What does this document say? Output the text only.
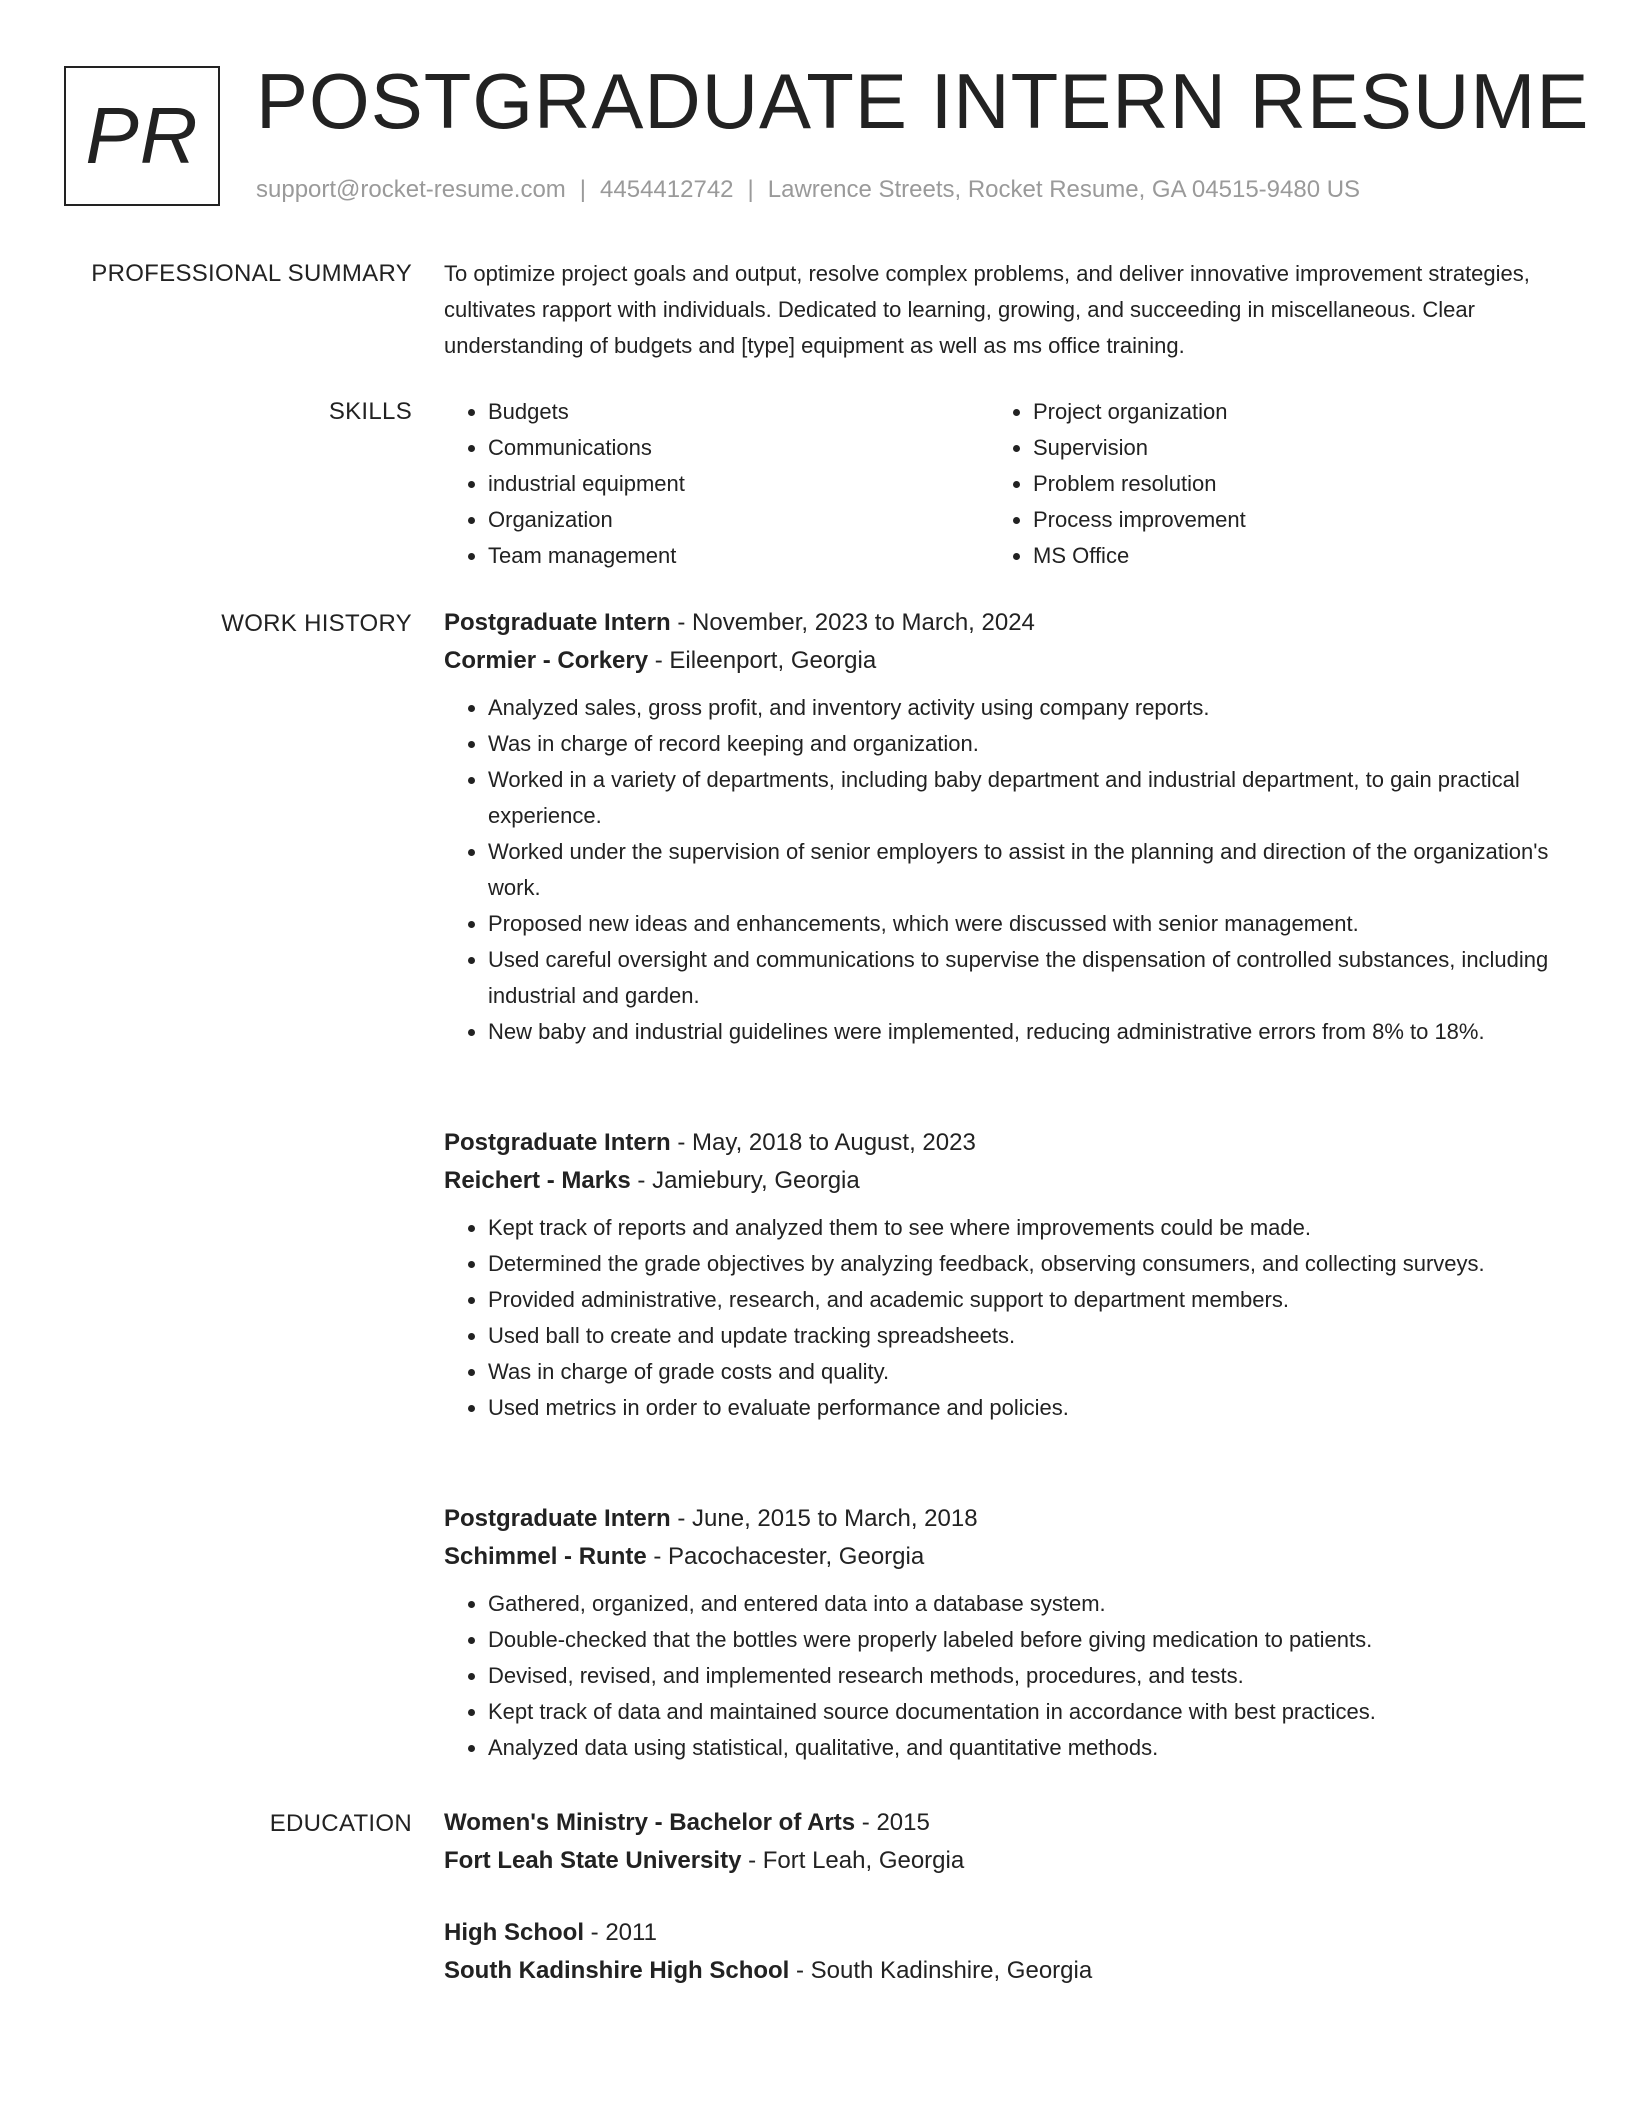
PR POSTGRADUATE INTERN RESUME
support@rocket-resume.com | 4454412742 | Lawrence Streets, Rocket Resume, GA 04515-9480 US
PROFESSIONAL SUMMARY To optimize project goals and output, resolve complex problems, and deliver innovative improvement strategies, cultivates rapport with individuals. Dedicated to learning, growing, and succeeding in miscellaneous. Clear understanding of budgets and [type] equipment as well as ms office training.

SKILLS
•	Budgets
• Communications
• industrial equipment
• Organization
• Team management
• Project organization
• Supervision
• Problem resolution
• Process improvement
• MS Office
WORK HISTORY Postgraduate Intern - November, 2023 to March, 2024
Cormier - Corkery - Eileenport, Georgia
• Analyzed sales, gross profit, and inventory activity using company reports.
• Was in charge of record keeping and organization.
• Worked in a variety of departments, including baby department and industrial department, to gain practical experience.
• Worked under the supervision of senior employers to assist in the planning and direction of the organization's work.
• Proposed new ideas and enhancements, which were discussed with senior management.
• Used careful oversight and communications to supervise the dispensation of controlled substances, including industrial and garden.
• New baby and industrial guidelines were implemented, reducing administrative errors from 8% to 18%.
Postgraduate Intern - May, 2018 to August, 2023
Reichert - Marks - Jamiebury, Georgia
• Kept track of reports and analyzed them to see where improvements could be made.
• Determined the grade objectives by analyzing feedback, observing consumers, and collecting surveys.
• Provided administrative, research, and academic support to department members.
• Used ball to create and update tracking spreadsheets.
• Was in charge of grade costs and quality.
• Used metrics in order to evaluate performance and policies.
Postgraduate Intern - June, 2015 to March, 2018
Schimmel - Runte - Pacochacester, Georgia
• Gathered, organized, and entered data into a database system.
• Double-checked that the bottles were properly labeled before giving medication to patients.
• Devised, revised, and implemented research methods, procedures, and tests.
• Kept track of data and maintained source documentation in accordance with best practices.
• Analyzed data using statistical, qualitative, and quantitative methods.
EDUCATION Women's Ministry - Bachelor of Arts - 2015
Fort Leah State University - Fort Leah, Georgia
High School - 2011
South Kadinshire High School - South Kadinshire, Georgia
